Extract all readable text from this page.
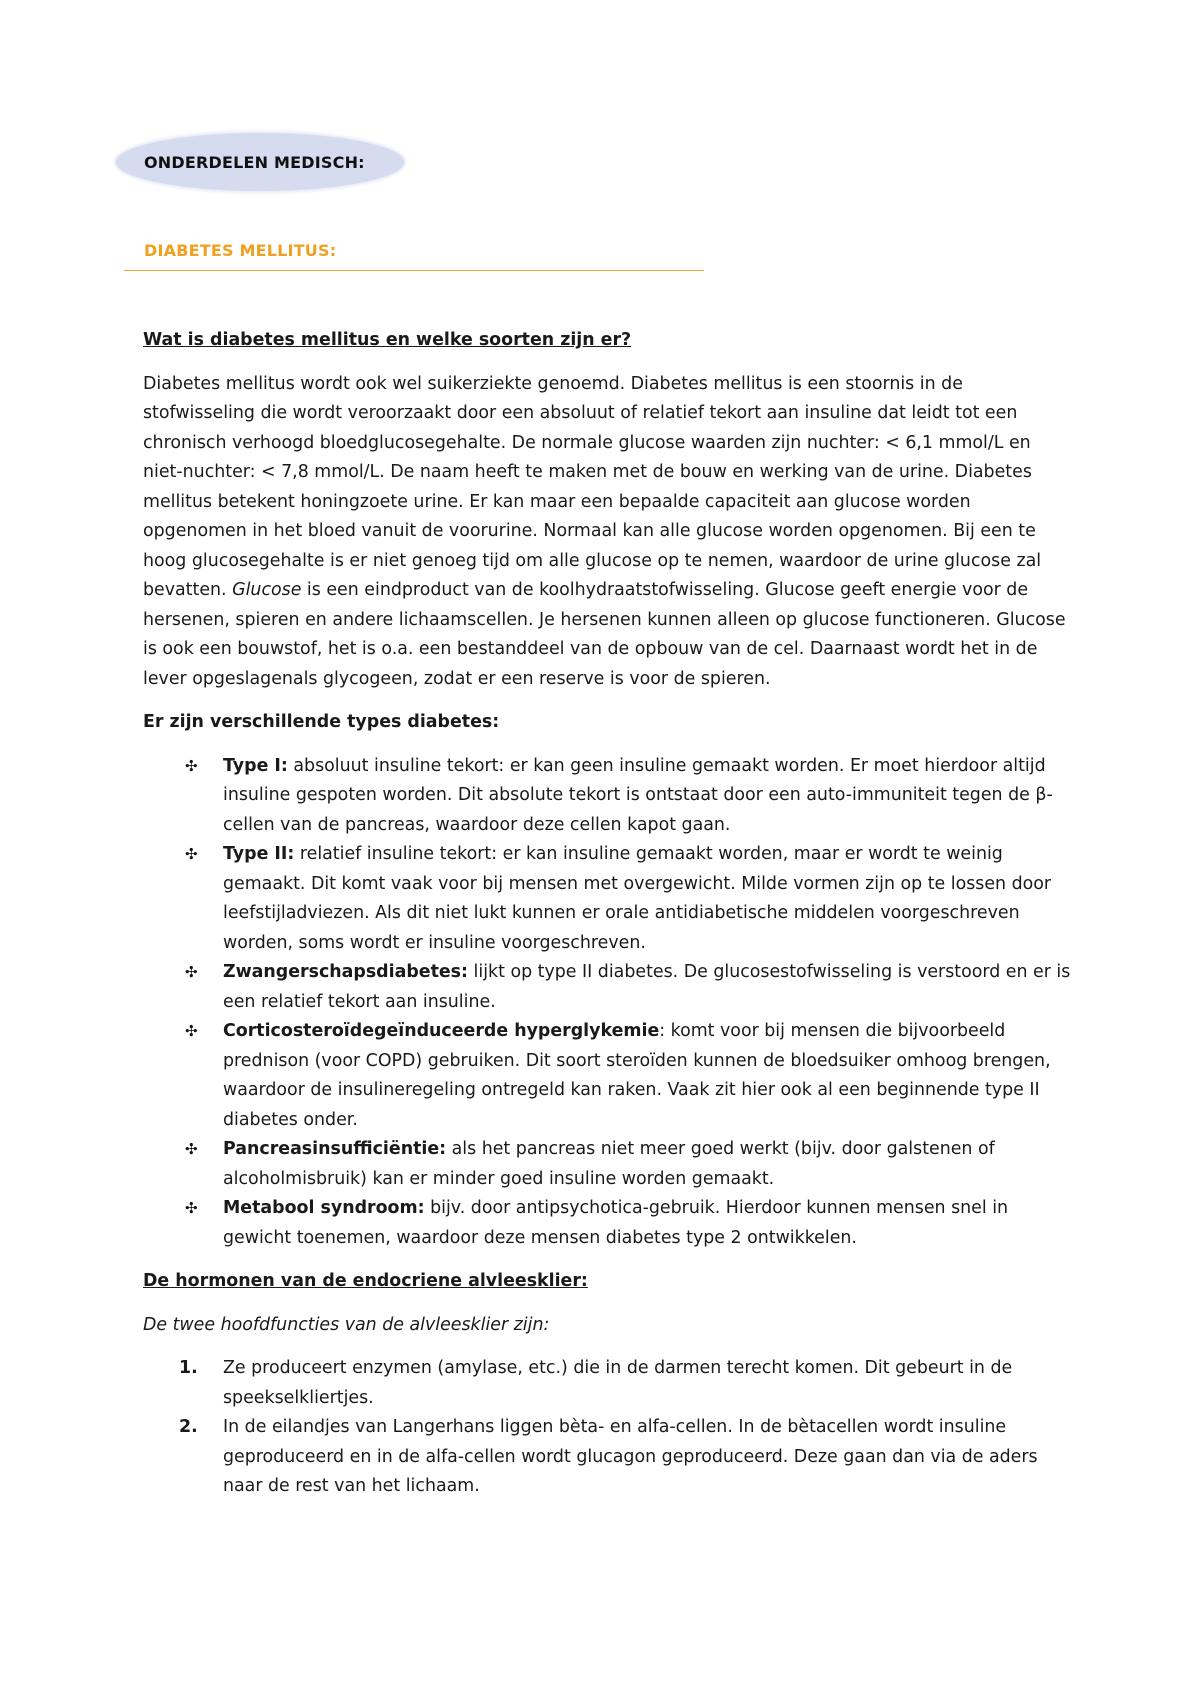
ONDERDELEN MEDISCH:
DIABETES MELLITUS:

Wat is diabetes mellitus en welke soorten zijn er?

Diabetes mellitus wordt ook wel suikerziekte genoemd. Diabetes mellitus is een stoornis in de stofwisseling die wordt veroorzaakt door een absoluut of relatief tekort aan insuline dat leidt tot een chronisch verhoogd bloedglucosegehalte. De normale glucose waarden zijn nuchter: < 6,1 mmol/L en niet-nuchter: < 7,8 mmol/L. De naam heeft te maken met de bouw en werking van de urine. Diabetes mellitus betekent honingzoete urine. Er kan maar een bepaalde capaciteit aan glucose worden opgenomen in het bloed vanuit de voorurine. Normaal kan alle glucose worden opgenomen. Bij een te hoog glucosegehalte is er niet genoeg tijd om alle glucose op te nemen, waardoor de urine glucose zal bevatten. Glucose is een eindproduct van de koolhydraatstofwisseling. Glucose geeft energie voor de hersenen, spieren en andere lichaamscellen. Je hersenen kunnen alleen op glucose functioneren. Glucose is ook een bouwstof, het is o.a. een bestanddeel van de opbouw van de cel. Daarnaast wordt het in de lever opgeslagenals glycogeen, zodat er een reserve is voor de spieren.

Er zijn verschillende types diabetes:

✣ Type I: absoluut insuline tekort: er kan geen insuline gemaakt worden. Er moet hierdoor altijd insuline gespoten worden. Dit absolute tekort is ontstaat door een auto-immuniteit tegen de β-cellen van de pancreas, waardoor deze cellen kapot gaan.
✣ Type II: relatief insuline tekort: er kan insuline gemaakt worden, maar er wordt te weinig gemaakt. Dit komt vaak voor bij mensen met overgewicht. Milde vormen zijn op te lossen door leefstijladviezen. Als dit niet lukt kunnen er orale antidiabetische middelen voorgeschreven worden, soms wordt er insuline voorgeschreven.
✣ Zwangerschapsdiabetes: lijkt op type II diabetes. De glucosestofwisseling is verstoord en er is een relatief tekort aan insuline.
✣ Corticosteroïdegeïnduceerde hyperglykemie: komt voor bij mensen die bijvoorbeeld prednison (voor COPD) gebruiken. Dit soort steroïden kunnen de bloedsuiker omhoog brengen, waardoor de insulineregeling ontregeld kan raken. Vaak zit hier ook al een beginnende type II diabetes onder.
✣ Pancreasinsufficiëntie: als het pancreas niet meer goed werkt (bijv. door galstenen of alcoholmisbruik) kan er minder goed insuline worden gemaakt.
✣ Metabool syndroom: bijv. door antipsychotica-gebruik. Hierdoor kunnen mensen snel in gewicht toenemen, waardoor deze mensen diabetes type 2 ontwikkelen.

De hormonen van de endocriene alvleesklier:

De twee hoofdfuncties van de alvleesklier zijn:

1. Ze produceert enzymen (amylase, etc.) die in de darmen terecht komen. Dit gebeurt in de speekselkliertjes.
2. In de eilandjes van Langerhans liggen bèta- en alfa-cellen. In de bètacellen wordt insuline geproduceerd en in de alfa-cellen wordt glucagon geproduceerd. Deze gaan dan via de aders naar de rest van het lichaam.
